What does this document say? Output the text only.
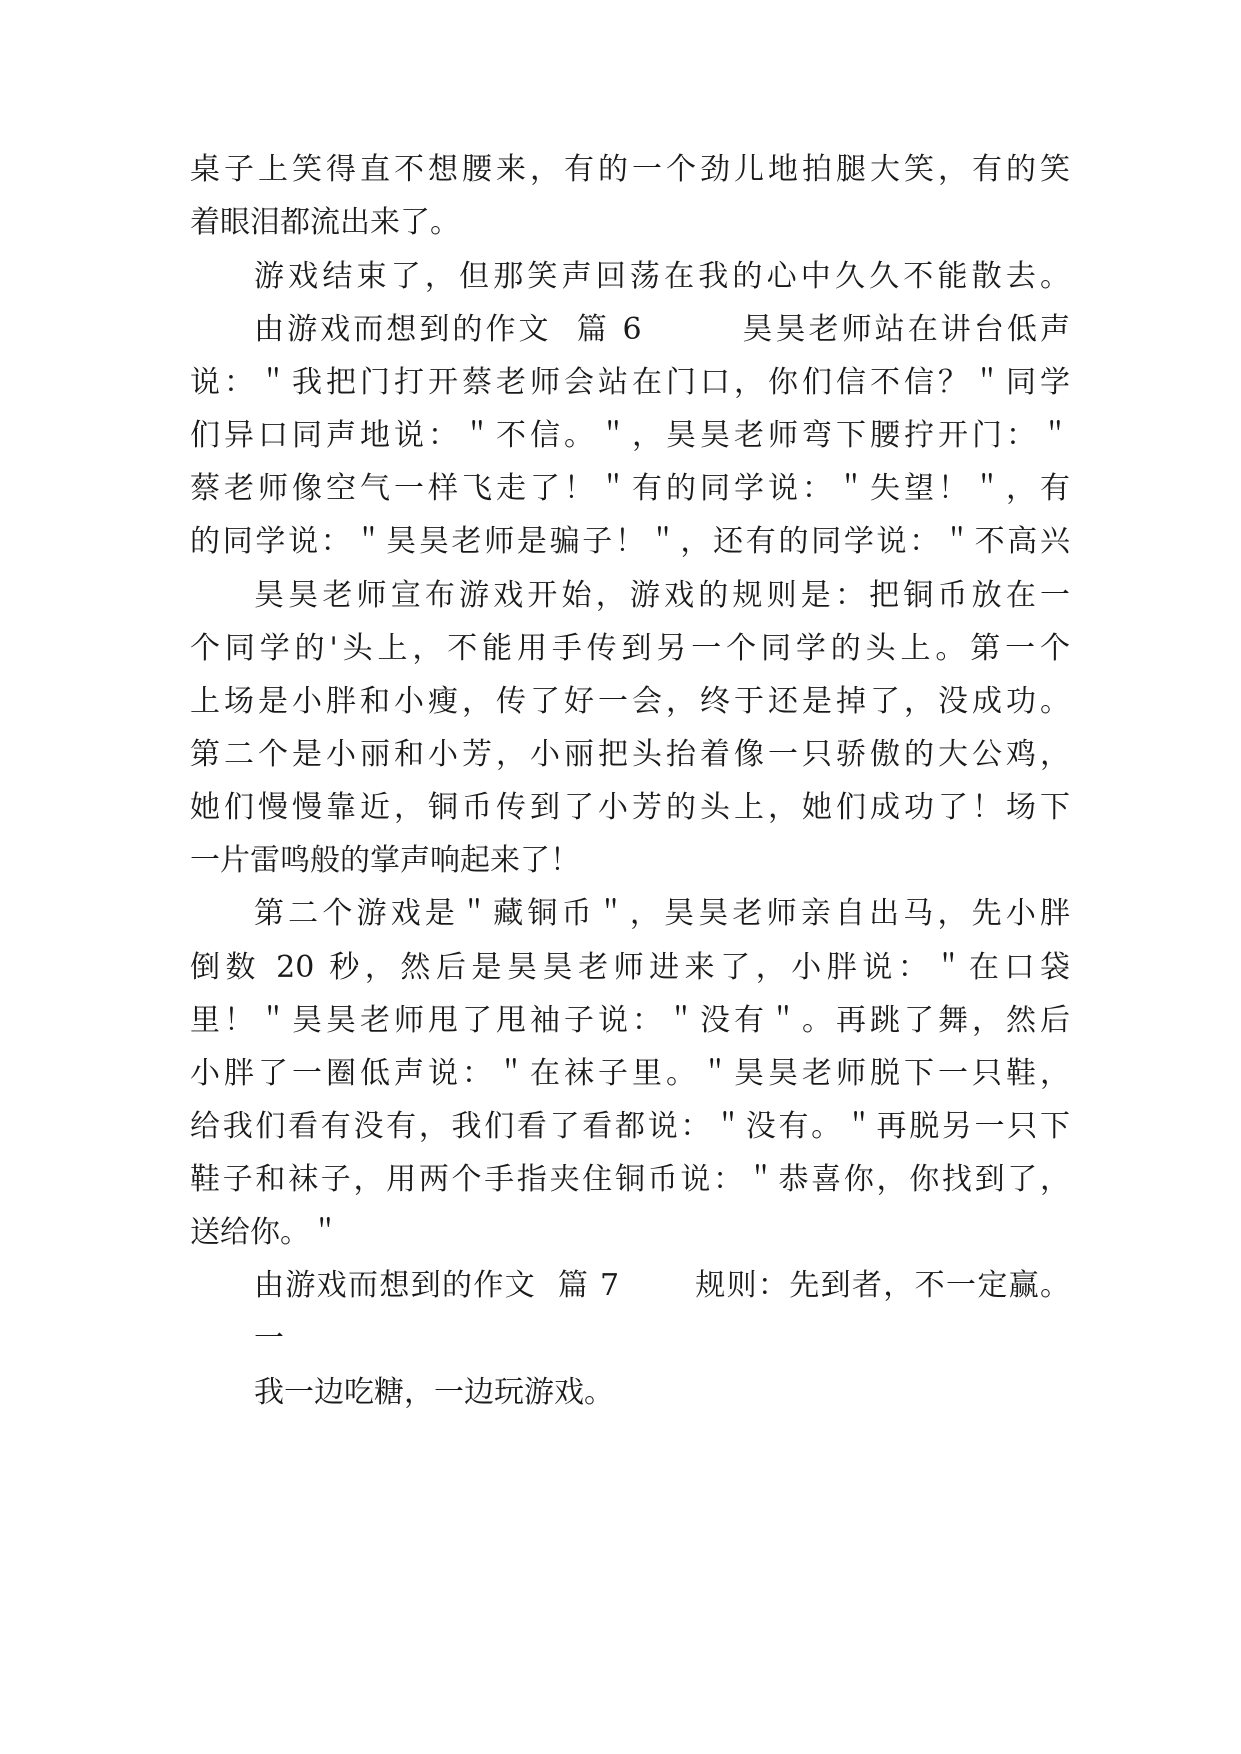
桌子上笑得直不想腰来，有的一个劲儿地拍腿大笑，有的笑
着眼泪都流出来了。
游戏结束了，但那笑声回荡在我的心中久久不能散去。
由游戏而想到的作文  篇 6        昊昊老师站在讲台低声
说：＂我把门打开蔡老师会站在门口，你们信不信？＂同学
们异口同声地说：＂不信。＂，昊昊老师弯下腰拧开门：＂
蔡老师像空气一样飞走了！＂有的同学说：＂失望！＂，有
的同学说：＂昊昊老师是骗子！＂，还有的同学说：＂不高兴
昊昊老师宣布游戏开始，游戏的规则是：把铜币放在一
个同学的'头上，不能用手传到另一个同学的头上。第一个
上场是小胖和小瘦，传了好一会，终于还是掉了，没成功。
第二个是小丽和小芳，小丽把头抬着像一只骄傲的大公鸡，
她们慢慢靠近，铜币传到了小芳的头上，她们成功了！场下
一片雷鸣般的掌声响起来了！
第二个游戏是＂藏铜币＂，昊昊老师亲自出马，先小胖
倒数 20 秒，然后是昊昊老师进来了，小胖说：＂在口袋
里！＂昊昊老师甩了甩袖子说：＂没有＂。再跳了舞，然后
小胖了一圈低声说：＂在袜子里。＂昊昊老师脱下一只鞋，
给我们看有没有，我们看了看都说：＂没有。＂再脱另一只下
鞋子和袜子，用两个手指夹住铜币说：＂恭喜你，你找到了，
送给你。＂
由游戏而想到的作文  篇 7       规则：先到者，不一定赢。
一
我一边吃糖，一边玩游戏。
